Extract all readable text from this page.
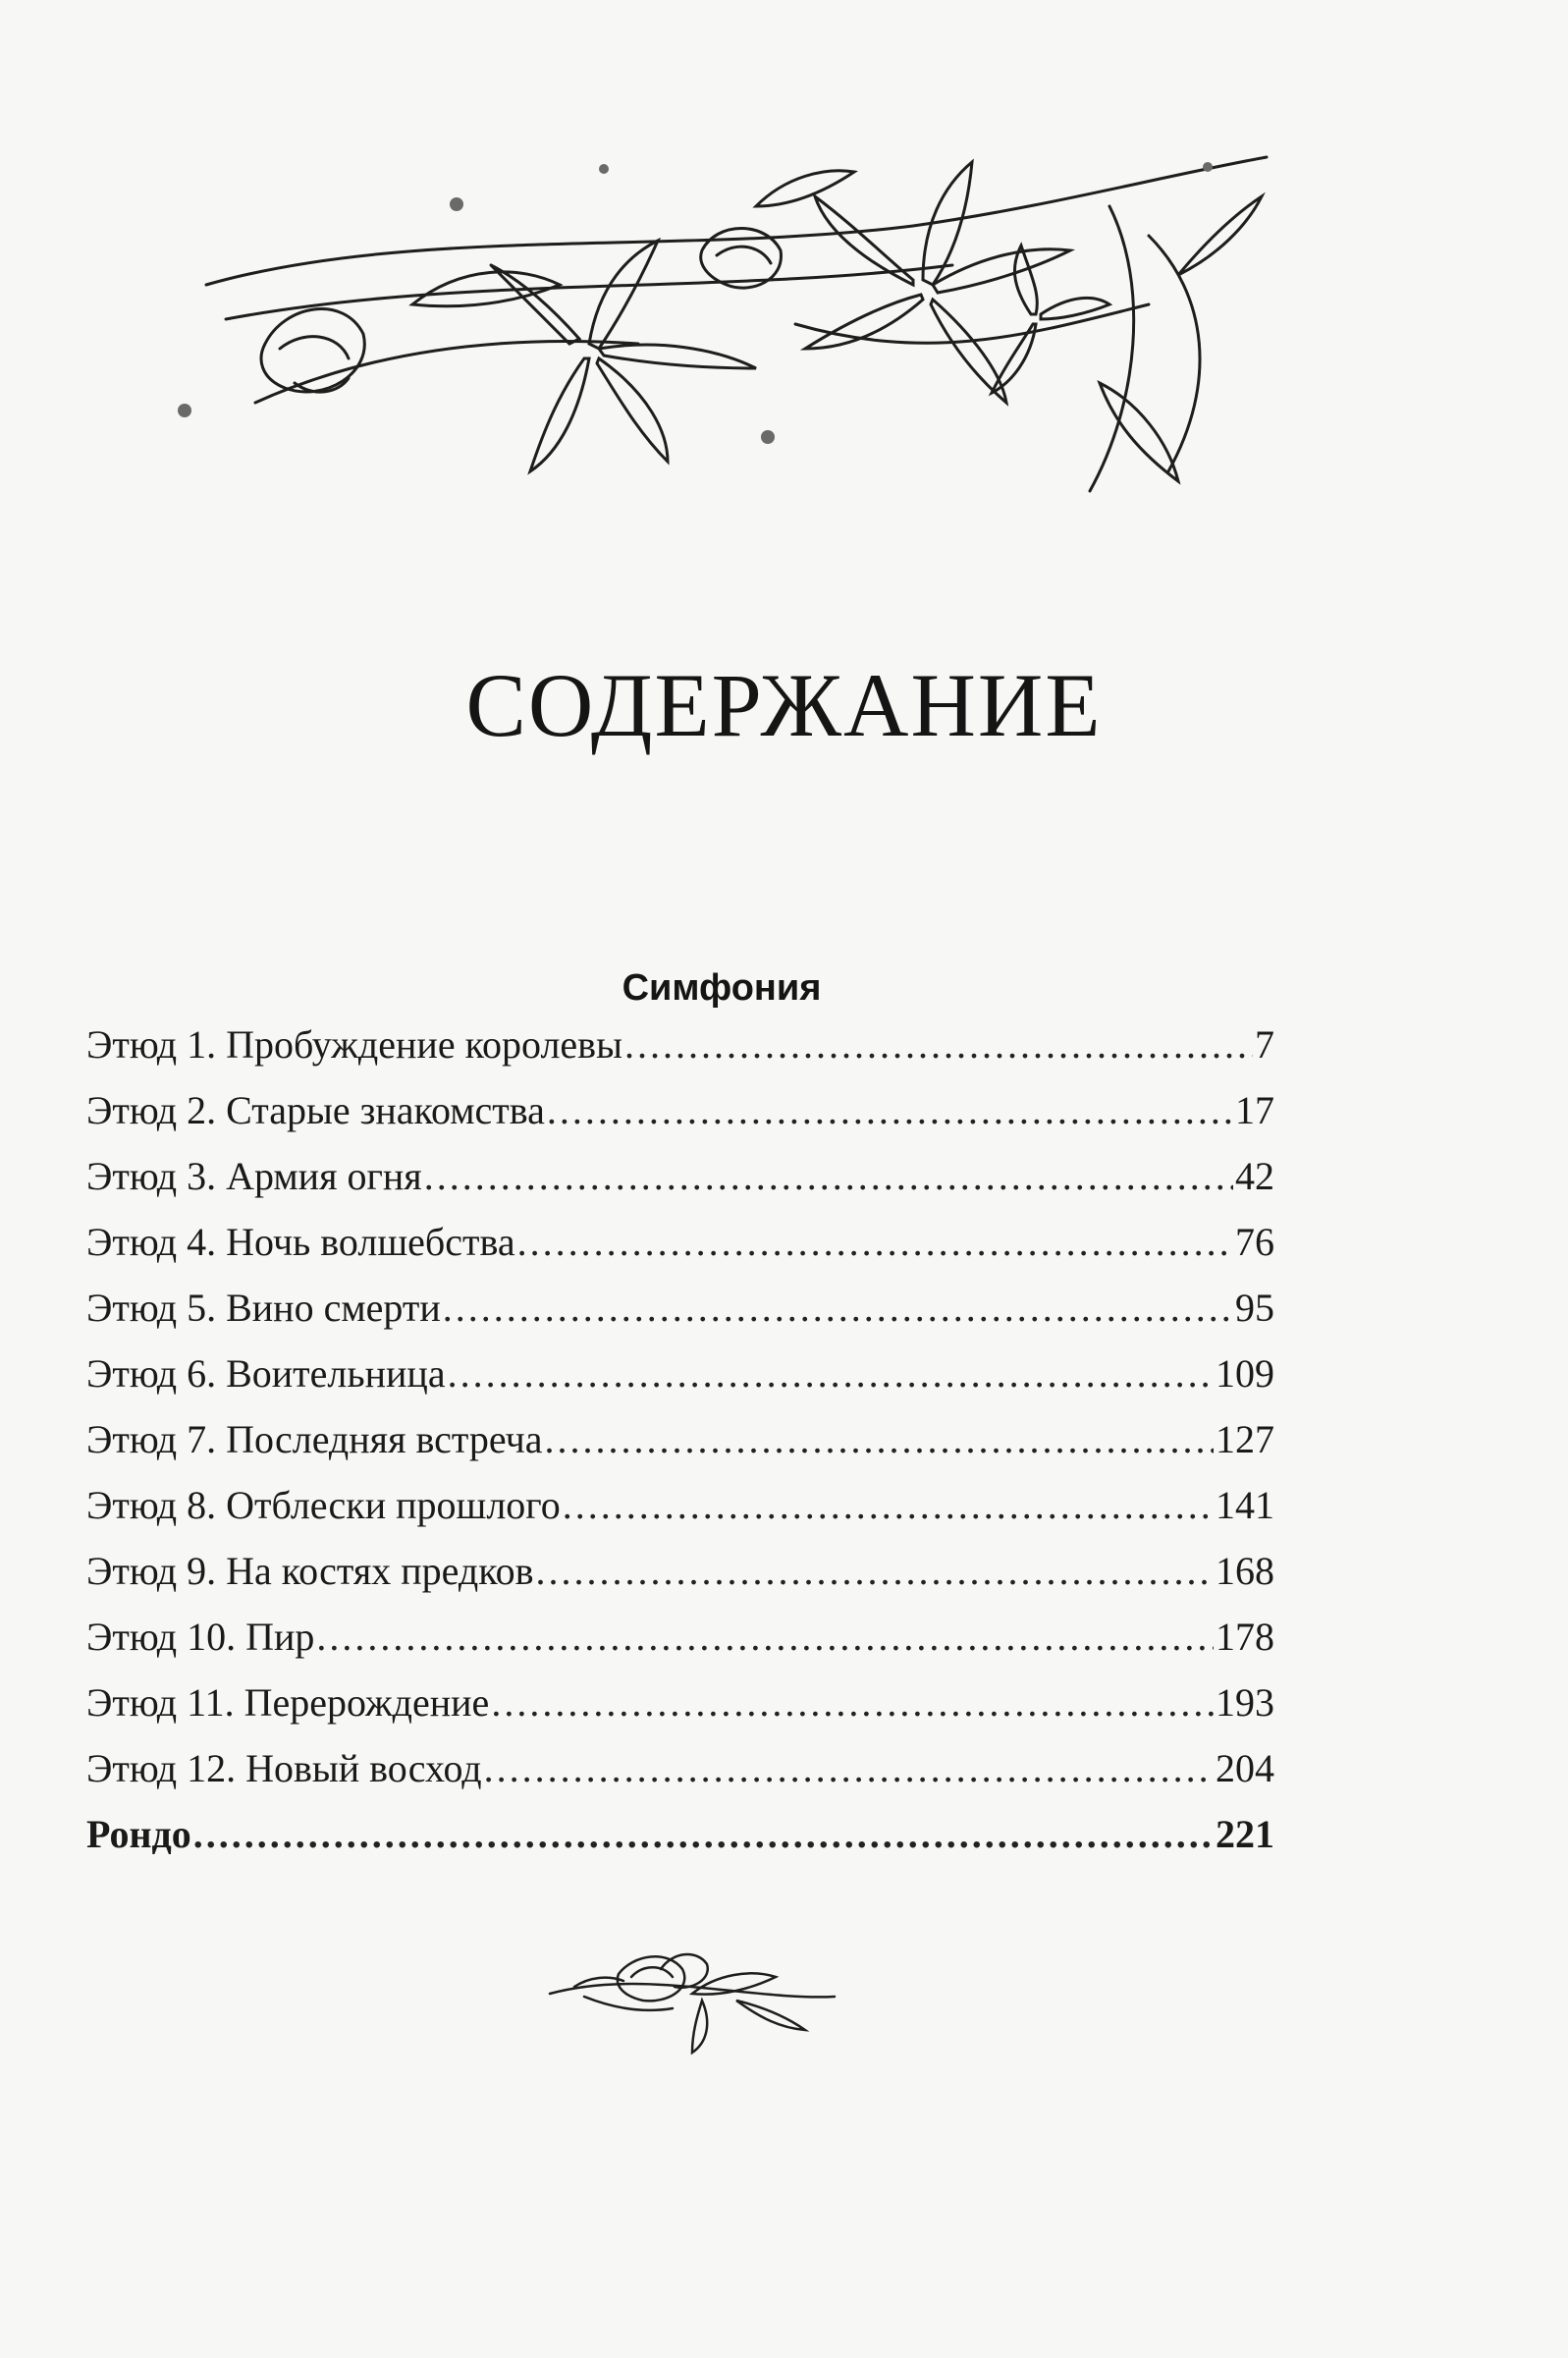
СОДЕРЖАНИЕ
Симфония
Этюд 1. Пробуждение королевы .....	7
Этюд 2. Старые знакомства .....	17
Этюд 3. Армия огня .....	42
Этюд 4. Ночь волшебства .....	76
Этюд 5. Вино смерти .....	95
Этюд 6. Воительница .....	109
Этюд 7. Последняя встреча .....	127
Этюд 8. Отблески прошлого .....	141
Этюд 9. На костях предков .....	168
Этюд 10. Пир .....	178
Этюд 11. Перерождение .....	193
Этюд 12. Новый восход .....	204
Рондо .....	221
